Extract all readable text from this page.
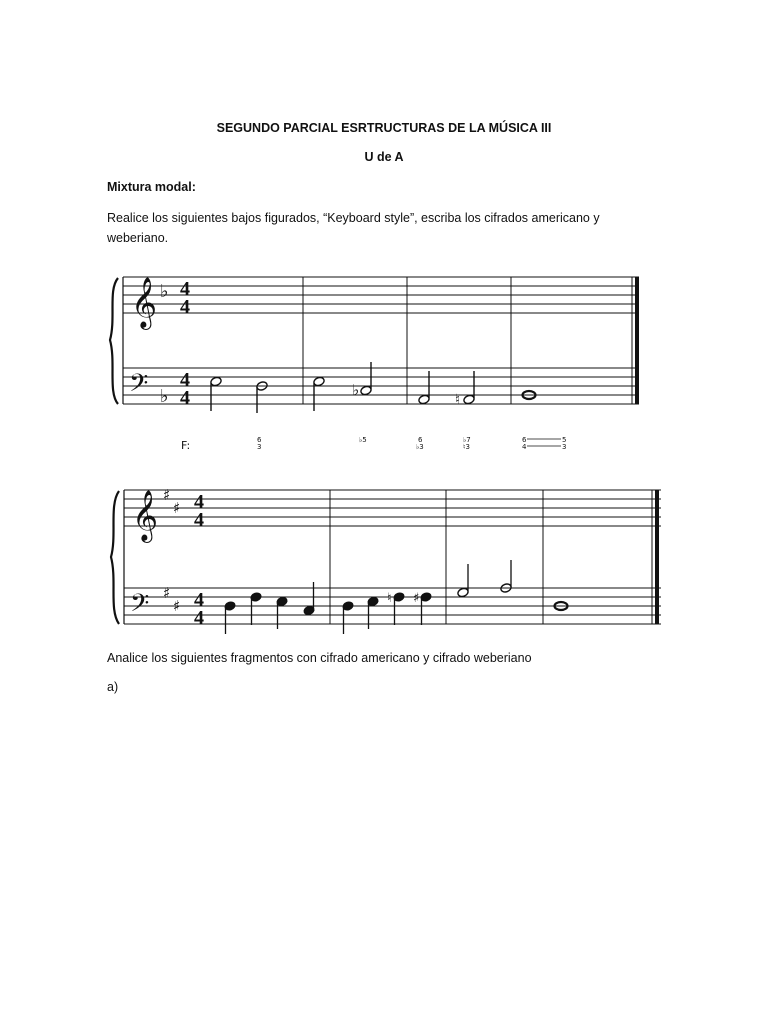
SEGUNDO PARCIAL ESRTRUCTURAS DE LA MÚSICA III
U de A
Mixtura modal:
Realice los siguientes bajos figurados, “Keyboard style”, escriba los cifrados americano y weberiano.
𝄞
𝄢
♭
♭
4
4
4
4	♭
♮
F:	6
3
♭5	6
♭3
♭7
♮3
6
4
5
3
𝄞
𝄢
♯
♯
♯
♯
4
4
4
4
♮ ♯
Analice los siguientes fragmentos con cifrado americano y cifrado weberiano
a)
